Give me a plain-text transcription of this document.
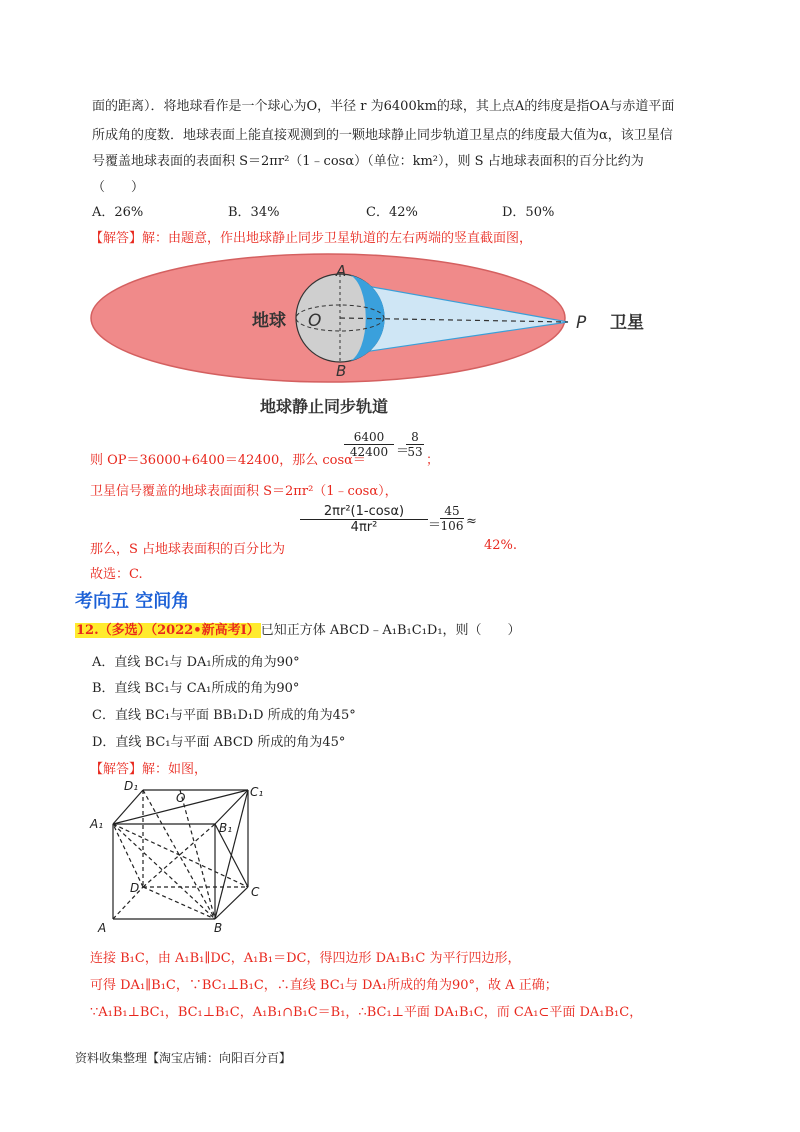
面的距离）．将地球看作是一个球心为O，半径 r 为6400km的球，其上点A的纬度是指OA与赤道平面
所成角的度数．地球表面上能直接观测到的一颗地球静止同步轨道卫星点的纬度最大值为α，该卫星信
号覆盖地球表面的表面积 S＝2πr²（1﹣cosα）（单位：km²），则 S 占地球表面积的百分比约为
（　　）
A．26%	B．34%	C．42%	D．50%
【解答】解：由题意，作出地球静止同步卫星轨道的左右两端的竖直截面图，
地球 O
A
B
P 卫星
地球静止同步轨道
则 OP＝36000+6400＝42400，那么 cosα＝
$\frac{6400}{42400}$ ＝
$\frac{8}{53}$
；
卫星信号覆盖的地球表面面积 S＝2πr²（1﹣cosα），
那么，S 占地球表面积的百分比为
$\frac{\text{2πr²(1-cosα)}}{\text{4πr²}}$ ＝
$\frac{45}{106}$ ≈
42%.
故选：C.
考向五 空间角
12.（多选）（2022•新高考Ⅰ）已知正方体 ABCD﹣A₁B₁C₁D₁，则（　　）
A．直线 BC₁与 DA₁所成的角为90°
B．直线 BC₁与 CA₁所成的角为90°
C．直线 BC₁与平面 BB₁D₁D 所成的角为45°
D．直线 BC₁与平面 ABCD 所成的角为45°
【解答】解：如图，
D₁
O	C₁
A₁	B₁
D	C
A	B
连接 B₁C，由 A₁B₁∥DC，A₁B₁＝DC，得四边形 DA₁B₁C 为平行四边形，
可得 DA₁∥B₁C，∵BC₁⊥B₁C，∴直线 BC₁与 DA₁所成的角为90°，故 A 正确；
∵A₁B₁⊥BC₁，BC₁⊥B₁C，A₁B₁∩B₁C＝B₁，∴BC₁⊥平面 DA₁B₁C，而 CA₁⊂平面 DA₁B₁C，
资料收集整理【淘宝店铺：向阳百分百】
